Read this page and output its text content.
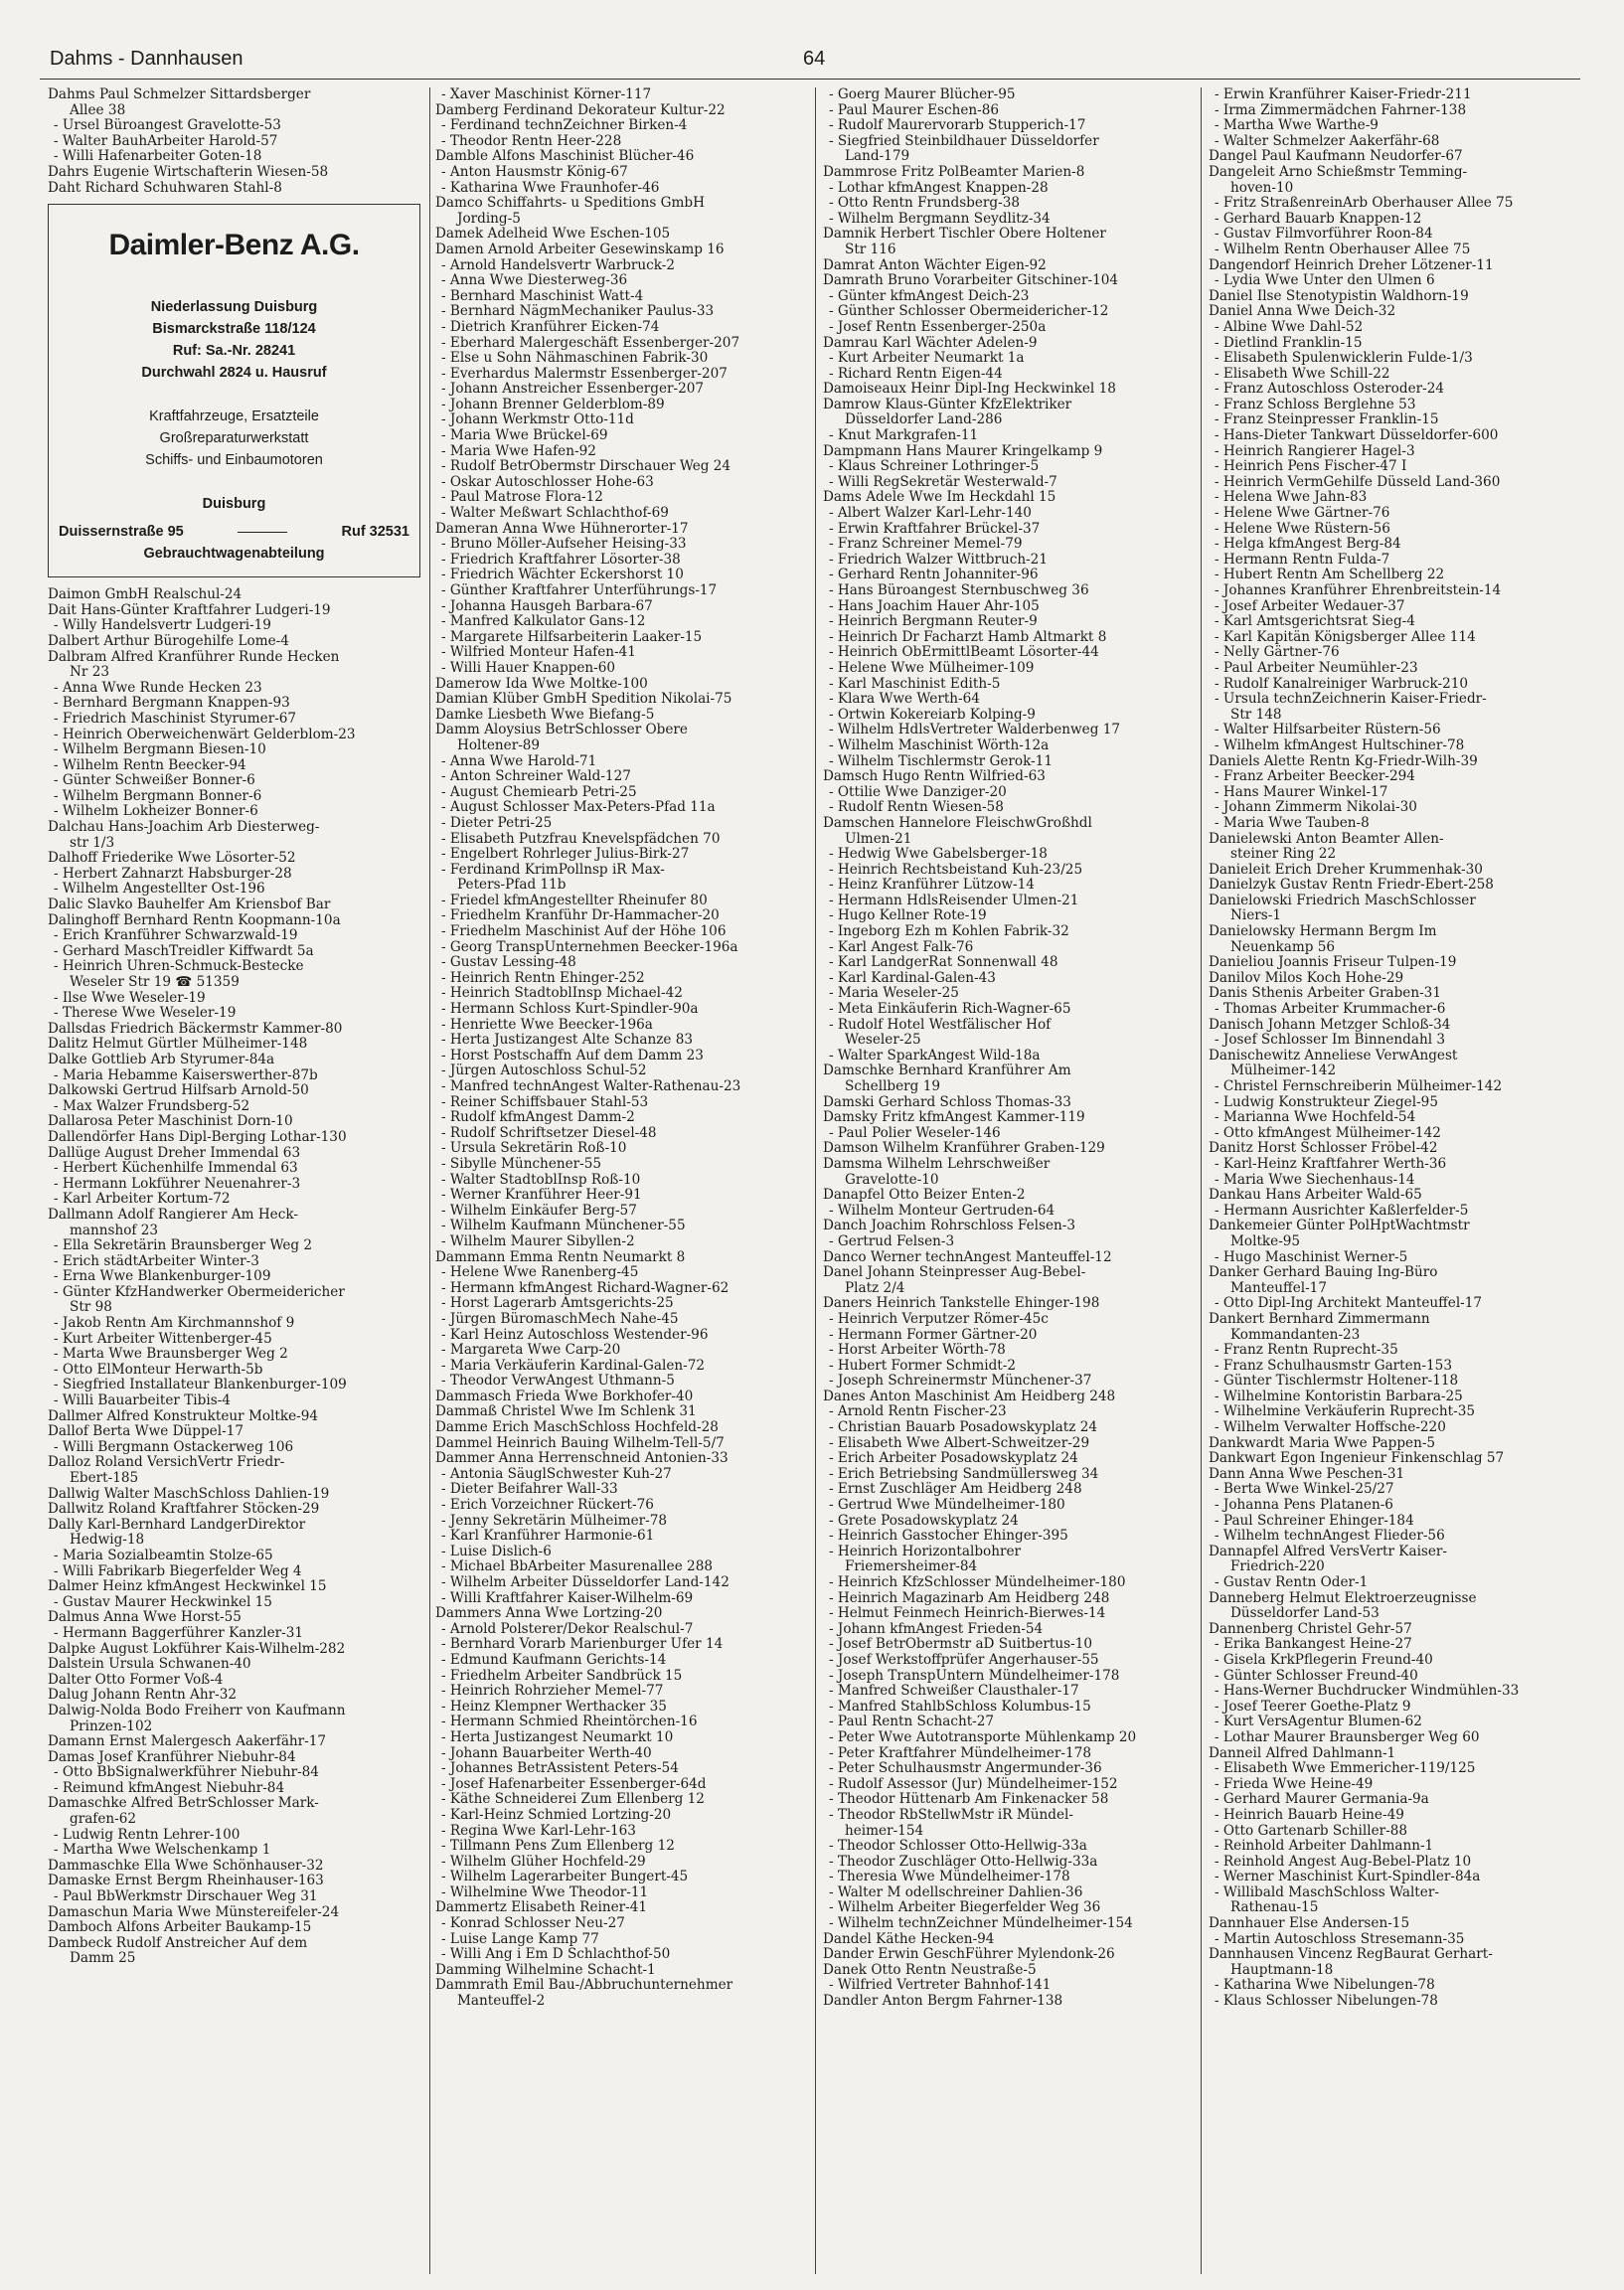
Dahms - Dannhausen	64
Dahms Paul Schmelzer Sittardsberger
Allee 38
- Ursel Büroangest Gravelotte-53
- Walter BauhArbeiter Harold-57
- Willi Hafenarbeiter Goten-18
Dahrs Eugenie Wirtschafterin Wiesen-58
Daht Richard Schuhwaren Stahl-8
Daimler-Benz A.G.
Niederlassung Duisburg
Bismarckstraße 118/124
Ruf: Sa.-Nr. 28241
Durchwahl 2824 u. Hausruf
Kraftfahrzeuge, Ersatzteile
Großreparaturwerkstatt
Schiffs- und Einbaumotoren
Duisburg
Duissernstraße 95	Ruf 32531
Gebrauchtwagenabteilung
Daimon GmbH Realschul-24
Dait Hans-Günter Kraftfahrer Ludgeri-19
- Willy Handelsvertr Ludgeri-19
Dalbert Arthur Bürogehilfe Lome-4
Dalbram Alfred Kranführer Runde Hecken
Nr 23
- Anna Wwe Runde Hecken 23
- Bernhard Bergmann Knappen-93
- Friedrich Maschinist Styrumer-67
- Heinrich Oberweichenwärt Gelderblom-23
- Wilhelm Bergmann Biesen-10
- Wilhelm Rentn Beecker-94
- Günter Schweißer Bonner-6
- Wilhelm Bergmann Bonner-6
- Wilhelm Lokheizer Bonner-6
Dalchau Hans-Joachim Arb Diesterweg-
str 1/3
Dalhoff Friederike Wwe Lösorter-52
- Herbert Zahnarzt Habsburger-28
- Wilhelm Angestellter Ost-196
Dalic Slavko Bauhelfer Am Kriensbof Bar
Dalinghoff Bernhard Rentn Koopmann-10a
- Erich Kranführer Schwarzwald-19
- Gerhard MaschTreidler Kiffwardt 5a
- Heinrich Uhren-Schmuck-Bestecke
Weseler Str 19 ☎ 51359
- Ilse Wwe Weseler-19
- Therese Wwe Weseler-19
Dallsdas Friedrich Bäckermstr Kammer-80
Dalitz Helmut Gürtler Mülheimer-148
Dalke Gottlieb Arb Styrumer-84a
- Maria Hebamme Kaiserswerther-87b
Dalkowski Gertrud Hilfsarb Arnold-50
- Max Walzer Frundsberg-52
Dallarosa Peter Maschinist Dorn-10
Dallendörfer Hans Dipl-Berging Lothar-130
Dallüge August Dreher Immendal 63
- Herbert Küchenhilfe Immendal 63
- Hermann Lokführer Neuenahrer-3
- Karl Arbeiter Kortum-72
Dallmann Adolf Rangierer Am Heck-
mannshof 23
- Ella Sekretärin Braunsberger Weg 2
- Erich städtArbeiter Winter-3
- Erna Wwe Blankenburger-109
- Günter KfzHandwerker Obermeidericher
Str 98
- Jakob Rentn Am Kirchmannshof 9
- Kurt Arbeiter Wittenberger-45
- Marta Wwe Braunsberger Weg 2
- Otto ElMonteur Herwarth-5b
- Siegfried Installateur Blankenburger-109
- Willi Bauarbeiter Tibis-4
Dallmer Alfred Konstrukteur Moltke-94
Dallof Berta Wwe Düppel-17
- Willi Bergmann Ostackerweg 106
Dalloz Roland VersichVertr Friedr-
Ebert-185
Dallwig Walter MaschSchloss Dahlien-19
Dallwitz Roland Kraftfahrer Stöcken-29
Dally Karl-Bernhard LandgerDirektor
Hedwig-18
- Maria Sozialbeamtin Stolze-65
- Willi Fabrikarb Biegerfelder Weg 4
Dalmer Heinz kfmAngest Heckwinkel 15
- Gustav Maurer Heckwinkel 15
Dalmus Anna Wwe Horst-55
- Hermann Baggerführer Kanzler-31
Dalpke August Lokführer Kais-Wilhelm-282
Dalstein Ursula Schwanen-40
Dalter Otto Former Voß-4
Dalug Johann Rentn Ahr-32
Dalwig-Nolda Bodo Freiherr von Kaufmann
Prinzen-102
Damann Ernst Malergesch Aakerfähr-17
Damas Josef Kranführer Niebuhr-84
- Otto BbSignalwerkführer Niebuhr-84
- Reimund kfmAngest Niebuhr-84
Damaschke Alfred BetrSchlosser Mark-
grafen-62
- Ludwig Rentn Lehrer-100
- Martha Wwe Welschenkamp 1
Dammaschke Ella Wwe Schönhauser-32
Damaske Ernst Bergm Rheinhauser-163
- Paul BbWerkmstr Dirschauer Weg 31
Damaschun Maria Wwe Münstereifeler-24
Damboch Alfons Arbeiter Baukamp-15
Dambeck Rudolf Anstreicher Auf dem
Damm 25
- Xaver Maschinist Körner-117
Damberg Ferdinand Dekorateur Kultur-22
- Ferdinand technZeichner Birken-4
- Theodor Rentn Heer-228
Damble Alfons Maschinist Blücher-46
- Anton Hausmstr König-67
- Katharina Wwe Fraunhofer-46
Damco Schiffahrts- u Speditions GmbH
Jording-5
Damek Adelheid Wwe Eschen-105
Damen Arnold Arbeiter Gesewinskamp 16
- Arnold Handelsvertr Warbruck-2
- Anna Wwe Diesterweg-36
- Bernhard Maschinist Watt-4
- Bernhard NägmMechaniker Paulus-33
- Dietrich Kranführer Eicken-74
- Eberhard Malergeschäft Essenberger-207
- Else u Sohn Nähmaschinen Fabrik-30
- Everhardus Malermstr Essenberger-207
- Johann Anstreicher Essenberger-207
- Johann Brenner Gelderblom-89
- Johann Werkmstr Otto-11d
- Maria Wwe Brückel-69
- Maria Wwe Hafen-92
- Rudolf BetrObermstr Dirschauer Weg 24
- Oskar Autoschlosser Hohe-63
- Paul Matrose Flora-12
- Walter Meßwart Schlachthof-69
Dameran Anna Wwe Hühnerorter-17
- Bruno Möller-Aufseher Heising-33
- Friedrich Kraftfahrer Lösorter-38
- Friedrich Wächter Eckershorst 10
- Günther Kraftfahrer Unterführungs-17
- Johanna Hausgeh Barbara-67
- Manfred Kalkulator Gans-12
- Margarete Hilfsarbeiterin Laaker-15
- Wilfried Monteur Hafen-41
- Willi Hauer Knappen-60
Damerow Ida Wwe Moltke-100
Damian Klüber GmbH Spedition Nikolai-75
Damke Liesbeth Wwe Biefang-5
Damm Aloysius BetrSchlosser Obere
Holtener-89
- Anna Wwe Harold-71
- Anton Schreiner Wald-127
- August Chemiearb Petri-25
- August Schlosser Max-Peters-Pfad 11a
- Dieter Petri-25
- Elisabeth Putzfrau Knevelspfädchen 70
- Engelbert Rohrleger Julius-Birk-27
- Ferdinand KrimPollnsp iR Max-
Peters-Pfad 11b
- Friedel kfmAngestellter Rheinufer 80
- Friedhelm Kranführ Dr-Hammacher-20
- Friedhelm Maschinist Auf der Höhe 106
- Georg TranspUnternehmen Beecker-196a
- Gustav Lessing-48
- Heinrich Rentn Ehinger-252
- Heinrich StadtoblInsp Michael-42
- Hermann Schloss Kurt-Spindler-90a
- Henriette Wwe Beecker-196a
- Herta Justizangest Alte Schanze 83
- Horst Postschaffn Auf dem Damm 23
- Jürgen Autoschloss Schul-52
- Manfred technAngest Walter-Rathenau-23
- Reiner Schiffsbauer Stahl-53
- Rudolf kfmAngest Damm-2
- Rudolf Schriftsetzer Diesel-48
- Ursula Sekretärin Roß-10
- Sibylle Münchener-55
- Walter StadtoblInsp Roß-10
- Werner Kranführer Heer-91
- Wilhelm Einkäufer Berg-57
- Wilhelm Kaufmann Münchener-55
- Wilhelm Maurer Sibyllen-2
Dammann Emma Rentn Neumarkt 8
- Helene Wwe Ranenberg-45
- Hermann kfmAngest Richard-Wagner-62
- Horst Lagerarb Amtsgerichts-25
- Jürgen BüromaschMech Nahe-45
- Karl Heinz Autoschloss Westender-96
- Margareta Wwe Carp-20
- Maria Verkäuferin Kardinal-Galen-72
- Theodor VerwAngest Uthmann-5
Dammasch Frieda Wwe Borkhofer-40
Dammaß Christel Wwe Im Schlenk 31
Damme Erich MaschSchloss Hochfeld-28
Dammel Heinrich Bauing Wilhelm-Tell-5/7
Dammer Anna Herrenschneid Antonien-33
- Antonia SäuglSchwester Kuh-27
- Dieter Beifahrer Wall-33
- Erich Vorzeichner Rückert-76
- Jenny Sekretärin Mülheimer-78
- Karl Kranführer Harmonie-61
- Luise Dislich-6
- Michael BbArbeiter Masurenallee 288
- Wilhelm Arbeiter Düsseldorfer Land-142
- Willi Kraftfahrer Kaiser-Wilhelm-69
Dammers Anna Wwe Lortzing-20
- Arnold Polsterer/Dekor Realschul-7
- Bernhard Vorarb Marienburger Ufer 14
- Edmund Kaufmann Gerichts-14
- Friedhelm Arbeiter Sandbrück 15
- Heinrich Rohrzieher Memel-77
- Heinz Klempner Werthacker 35
- Hermann Schmied Rheintörchen-16
- Herta Justizangest Neumarkt 10
- Johann Bauarbeiter Werth-40
- Johannes BetrAssistent Peters-54
- Josef Hafenarbeiter Essenberger-64d
- Käthe Schneiderei Zum Ellenberg 12
- Karl-Heinz Schmied Lortzing-20
- Regina Wwe Karl-Lehr-163
- Tillmann Pens Zum Ellenberg 12
- Wilhelm Glüher Hochfeld-29
- Wilhelm Lagerarbeiter Bungert-45
- Wilhelmine Wwe Theodor-11
Dammertz Elisabeth Reiner-41
- Konrad Schlosser Neu-27
- Luise Lange Kamp 77
- Willi Ang i Em D Schlachthof-50
Damming Wilhelmine Schacht-1
Dammrath Emil Bau-/Abbruchunternehmer
Manteuffel-2
- Goerg Maurer Blücher-95
- Paul Maurer Eschen-86
- Rudolf Maurervorarb Stupperich-17
- Siegfried Steinbildhauer Düsseldorfer
Land-179
Dammrose Fritz PolBeamter Marien-8
- Lothar kfmAngest Knappen-28
- Otto Rentn Frundsberg-38
- Wilhelm Bergmann Seydlitz-34
Damnik Herbert Tischler Obere Holtener
Str 116
Damrat Anton Wächter Eigen-92
Damrath Bruno Vorarbeiter Gitschiner-104
- Günter kfmAngest Deich-23
- Günther Schlosser Obermeidericher-12
- Josef Rentn Essenberger-250a
Damrau Karl Wächter Adelen-9
- Kurt Arbeiter Neumarkt 1a
- Richard Rentn Eigen-44
Damoiseaux Heinr Dipl-Ing Heckwinkel 18
Damrow Klaus-Günter KfzElektriker
Düsseldorfer Land-286
- Knut Markgrafen-11
Dampmann Hans Maurer Kringelkamp 9
- Klaus Schreiner Lothringer-5
- Willi RegSekretär Westerwald-7
Dams Adele Wwe Im Heckdahl 15
- Albert Walzer Karl-Lehr-140
- Erwin Kraftfahrer Brückel-37
- Franz Schreiner Memel-79
- Friedrich Walzer Wittbruch-21
- Gerhard Rentn Johanniter-96
- Hans Büroangest Sternbuschweg 36
- Hans Joachim Hauer Ahr-105
- Heinrich Bergmann Reuter-9
- Heinrich Dr Facharzt Hamb Altmarkt 8
- Heinrich ObErmittlBeamt Lösorter-44
- Helene Wwe Mülheimer-109
- Karl Maschinist Edith-5
- Klara Wwe Werth-64
- Ortwin Kokereiarb Kolping-9
- Wilhelm HdlsVertreter Walderbenweg 17
- Wilhelm Maschinist Wörth-12a
- Wilhelm Tischlermstr Gerok-11
Damsch Hugo Rentn Wilfried-63
- Ottilie Wwe Danziger-20
- Rudolf Rentn Wiesen-58
Damschen Hannelore FleischwGroßhdl
Ulmen-21
- Hedwig Wwe Gabelsberger-18
- Heinrich Rechtsbeistand Kuh-23/25
- Heinz Kranführer Lützow-14
- Hermann HdlsReisender Ulmen-21
- Hugo Kellner Rote-19
- Ingeborg Ezh m Kohlen Fabrik-32
- Karl Angest Falk-76
- Karl LandgerRat Sonnenwall 48
- Karl Kardinal-Galen-43
- Maria Weseler-25
- Meta Einkäuferin Rich-Wagner-65
- Rudolf Hotel Westfälischer Hof
Weseler-25
- Walter SparkAngest Wild-18a
Damschke Bernhard Kranführer Am
Schellberg 19
Damski Gerhard Schloss Thomas-33
Damsky Fritz kfmAngest Kammer-119
- Paul Polier Weseler-146
Damson Wilhelm Kranführer Graben-129
Damsma Wilhelm Lehrschweißer
Gravelotte-10
Danapfel Otto Beizer Enten-2
- Wilhelm Monteur Gertruden-64
Danch Joachim Rohrschloss Felsen-3
- Gertrud Felsen-3
Danco Werner technAngest Manteuffel-12
Danel Johann Steinpresser Aug-Bebel-
Platz 2/4
Daners Heinrich Tankstelle Ehinger-198
- Heinrich Verputzer Römer-45c
- Hermann Former Gärtner-20
- Horst Arbeiter Wörth-78
- Hubert Former Schmidt-2
- Joseph Schreinermstr Münchener-37
Danes Anton Maschinist Am Heidberg 248
- Arnold Rentn Fischer-23
- Christian Bauarb Posadowskyplatz 24
- Elisabeth Wwe Albert-Schweitzer-29
- Erich Arbeiter Posadowskyplatz 24
- Erich Betriebsing Sandmüllersweg 34
- Ernst Zuschläger Am Heidberg 248
- Gertrud Wwe Mündelheimer-180
- Grete Posadowskyplatz 24
- Heinrich Gasstocher Ehinger-395
- Heinrich Horizontalbohrer
Friemersheimer-84
- Heinrich KfzSchlosser Mündelheimer-180
- Heinrich Magazinarb Am Heidberg 248
- Helmut Feinmech Heinrich-Bierwes-14
- Johann kfmAngest Frieden-54
- Josef BetrObermstr aD Suitbertus-10
- Josef Werkstoffprüfer Angerhauser-55
- Joseph TranspUntern Mündelheimer-178
- Manfred Schweißer Clausthaler-17
- Manfred StahlbSchloss Kolumbus-15
- Paul Rentn Schacht-27
- Peter Wwe Autotransporte Mühlenkamp 20
- Peter Kraftfahrer Mündelheimer-178
- Peter Schulhausmstr Angermunder-36
- Rudolf Assessor (Jur) Mündelheimer-152
- Theodor Hüttenarb Am Finkenacker 58
- Theodor RbStellwMstr iR Mündel-
heimer-154
- Theodor Schlosser Otto-Hellwig-33a
- Theodor Zuschläger Otto-Hellwig-33a
- Theresia Wwe Mündelheimer-178
- Walter M odellschreiner Dahlien-36
- Wilhelm Arbeiter Biegerfelder Weg 36
- Wilhelm technZeichner Mündelheimer-154
Dandel Käthe Hecken-94
Dander Erwin GeschFührer Mylendonk-26
Danek Otto Rentn Neustraße-5
- Wilfried Vertreter Bahnhof-141
Dandler Anton Bergm Fahrner-138
- Erwin Kranführer Kaiser-Friedr-211
- Irma Zimmermädchen Fahrner-138
- Martha Wwe Warthe-9
- Walter Schmelzer Aakerfähr-68
Dangel Paul Kaufmann Neudorfer-67
Dangeleit Arno Schießmstr Temming-
hoven-10
- Fritz StraßenreinArb Oberhauser Allee 75
- Gerhard Bauarb Knappen-12
- Gustav Filmvorführer Roon-84
- Wilhelm Rentn Oberhauser Allee 75
Dangendorf Heinrich Dreher Lötzener-11
- Lydia Wwe Unter den Ulmen 6
Daniel Ilse Stenotypistin Waldhorn-19
Daniel Anna Wwe Deich-32
- Albine Wwe Dahl-52
- Dietlind Franklin-15
- Elisabeth Spulenwicklerin Fulde-1/3
- Elisabeth Wwe Schill-22
- Franz Autoschloss Osteroder-24
- Franz Schloss Berglehne 53
- Franz Steinpresser Franklin-15
- Hans-Dieter Tankwart Düsseldorfer-600
- Heinrich Rangierer Hagel-3
- Heinrich Pens Fischer-47 I
- Heinrich VermGehilfe Düsseld Land-360
- Helena Wwe Jahn-83
- Helene Wwe Gärtner-76
- Helene Wwe Rüstern-56
- Helga kfmAngest Berg-84
- Hermann Rentn Fulda-7
- Hubert Rentn Am Schellberg 22
- Johannes Kranführer Ehrenbreitstein-14
- Josef Arbeiter Wedauer-37
- Karl Amtsgerichtsrat Sieg-4
- Karl Kapitän Königsberger Allee 114
- Nelly Gärtner-76
- Paul Arbeiter Neumühler-23
- Rudolf Kanalreiniger Warbruck-210
- Ursula technZeichnerin Kaiser-Friedr-
Str 148
- Walter Hilfsarbeiter Rüstern-56
- Wilhelm kfmAngest Hultschiner-78
Daniels Alette Rentn Kg-Friedr-Wilh-39
- Franz Arbeiter Beecker-294
- Hans Maurer Winkel-17
- Johann Zimmerm Nikolai-30
- Maria Wwe Tauben-8
Danielewski Anton Beamter Allen-
steiner Ring 22
Danieleit Erich Dreher Krummenhak-30
Danielzyk Gustav Rentn Friedr-Ebert-258
Danielowski Friedrich MaschSchlosser
Niers-1
Danielowsky Hermann Bergm Im
Neuenkamp 56
Danieliou Joannis Friseur Tulpen-19
Danilov Milos Koch Hohe-29
Danis Sthenis Arbeiter Graben-31
- Thomas Arbeiter Krummacher-6
Danisch Johann Metzger Schloß-34
- Josef Schlosser Im Binnendahl 3
Danischewitz Anneliese VerwAngest
Mülheimer-142
- Christel Fernschreiberin Mülheimer-142
- Ludwig Konstrukteur Ziegel-95
- Marianna Wwe Hochfeld-54
- Otto kfmAngest Mülheimer-142
Danitz Horst Schlosser Fröbel-42
- Karl-Heinz Kraftfahrer Werth-36
- Maria Wwe Siechenhaus-14
Dankau Hans Arbeiter Wald-65
- Hermann Ausrichter Kaßlerfelder-5
Dankemeier Günter PolHptWachtmstr
Moltke-95
- Hugo Maschinist Werner-5
Danker Gerhard Bauing Ing-Büro
Manteuffel-17
- Otto Dipl-Ing Architekt Manteuffel-17
Dankert Bernhard Zimmermann
Kommandanten-23
- Franz Rentn Ruprecht-35
- Franz Schulhausmstr Garten-153
- Günter Tischlermstr Holtener-118
- Wilhelmine Kontoristin Barbara-25
- Wilhelmine Verkäuferin Ruprecht-35
- Wilhelm Verwalter Hoffsche-220
Dankwardt Maria Wwe Pappen-5
Dankwart Egon Ingenieur Finkenschlag 57
Dann Anna Wwe Peschen-31
- Berta Wwe Winkel-25/27
- Johanna Pens Platanen-6
- Paul Schreiner Ehinger-184
- Wilhelm technAngest Flieder-56
Dannapfel Alfred VersVertr Kaiser-
Friedrich-220
- Gustav Rentn Oder-1
Danneberg Helmut Elektroerzeugnisse
Düsseldorfer Land-53
Dannenberg Christel Gehr-57
- Erika Bankangest Heine-27
- Gisela KrkPflegerin Freund-40
- Günter Schlosser Freund-40
- Hans-Werner Buchdrucker Windmühlen-33
- Josef Teerer Goethe-Platz 9
- Kurt VersAgentur Blumen-62
- Lothar Maurer Braunsberger Weg 60
Danneil Alfred Dahlmann-1
- Elisabeth Wwe Emmericher-119/125
- Frieda Wwe Heine-49
- Gerhard Maurer Germania-9a
- Heinrich Bauarb Heine-49
- Otto Gartenarb Schiller-88
- Reinhold Arbeiter Dahlmann-1
- Reinhold Angest Aug-Bebel-Platz 10
- Werner Maschinist Kurt-Spindler-84a
- Willibald MaschSchloss Walter-
Rathenau-15
Dannhauer Else Andersen-15
- Martin Autoschloss Stresemann-35
Dannhausen Vincenz RegBaurat Gerhart-
Hauptmann-18
- Katharina Wwe Nibelungen-78
- Klaus Schlosser Nibelungen-78
